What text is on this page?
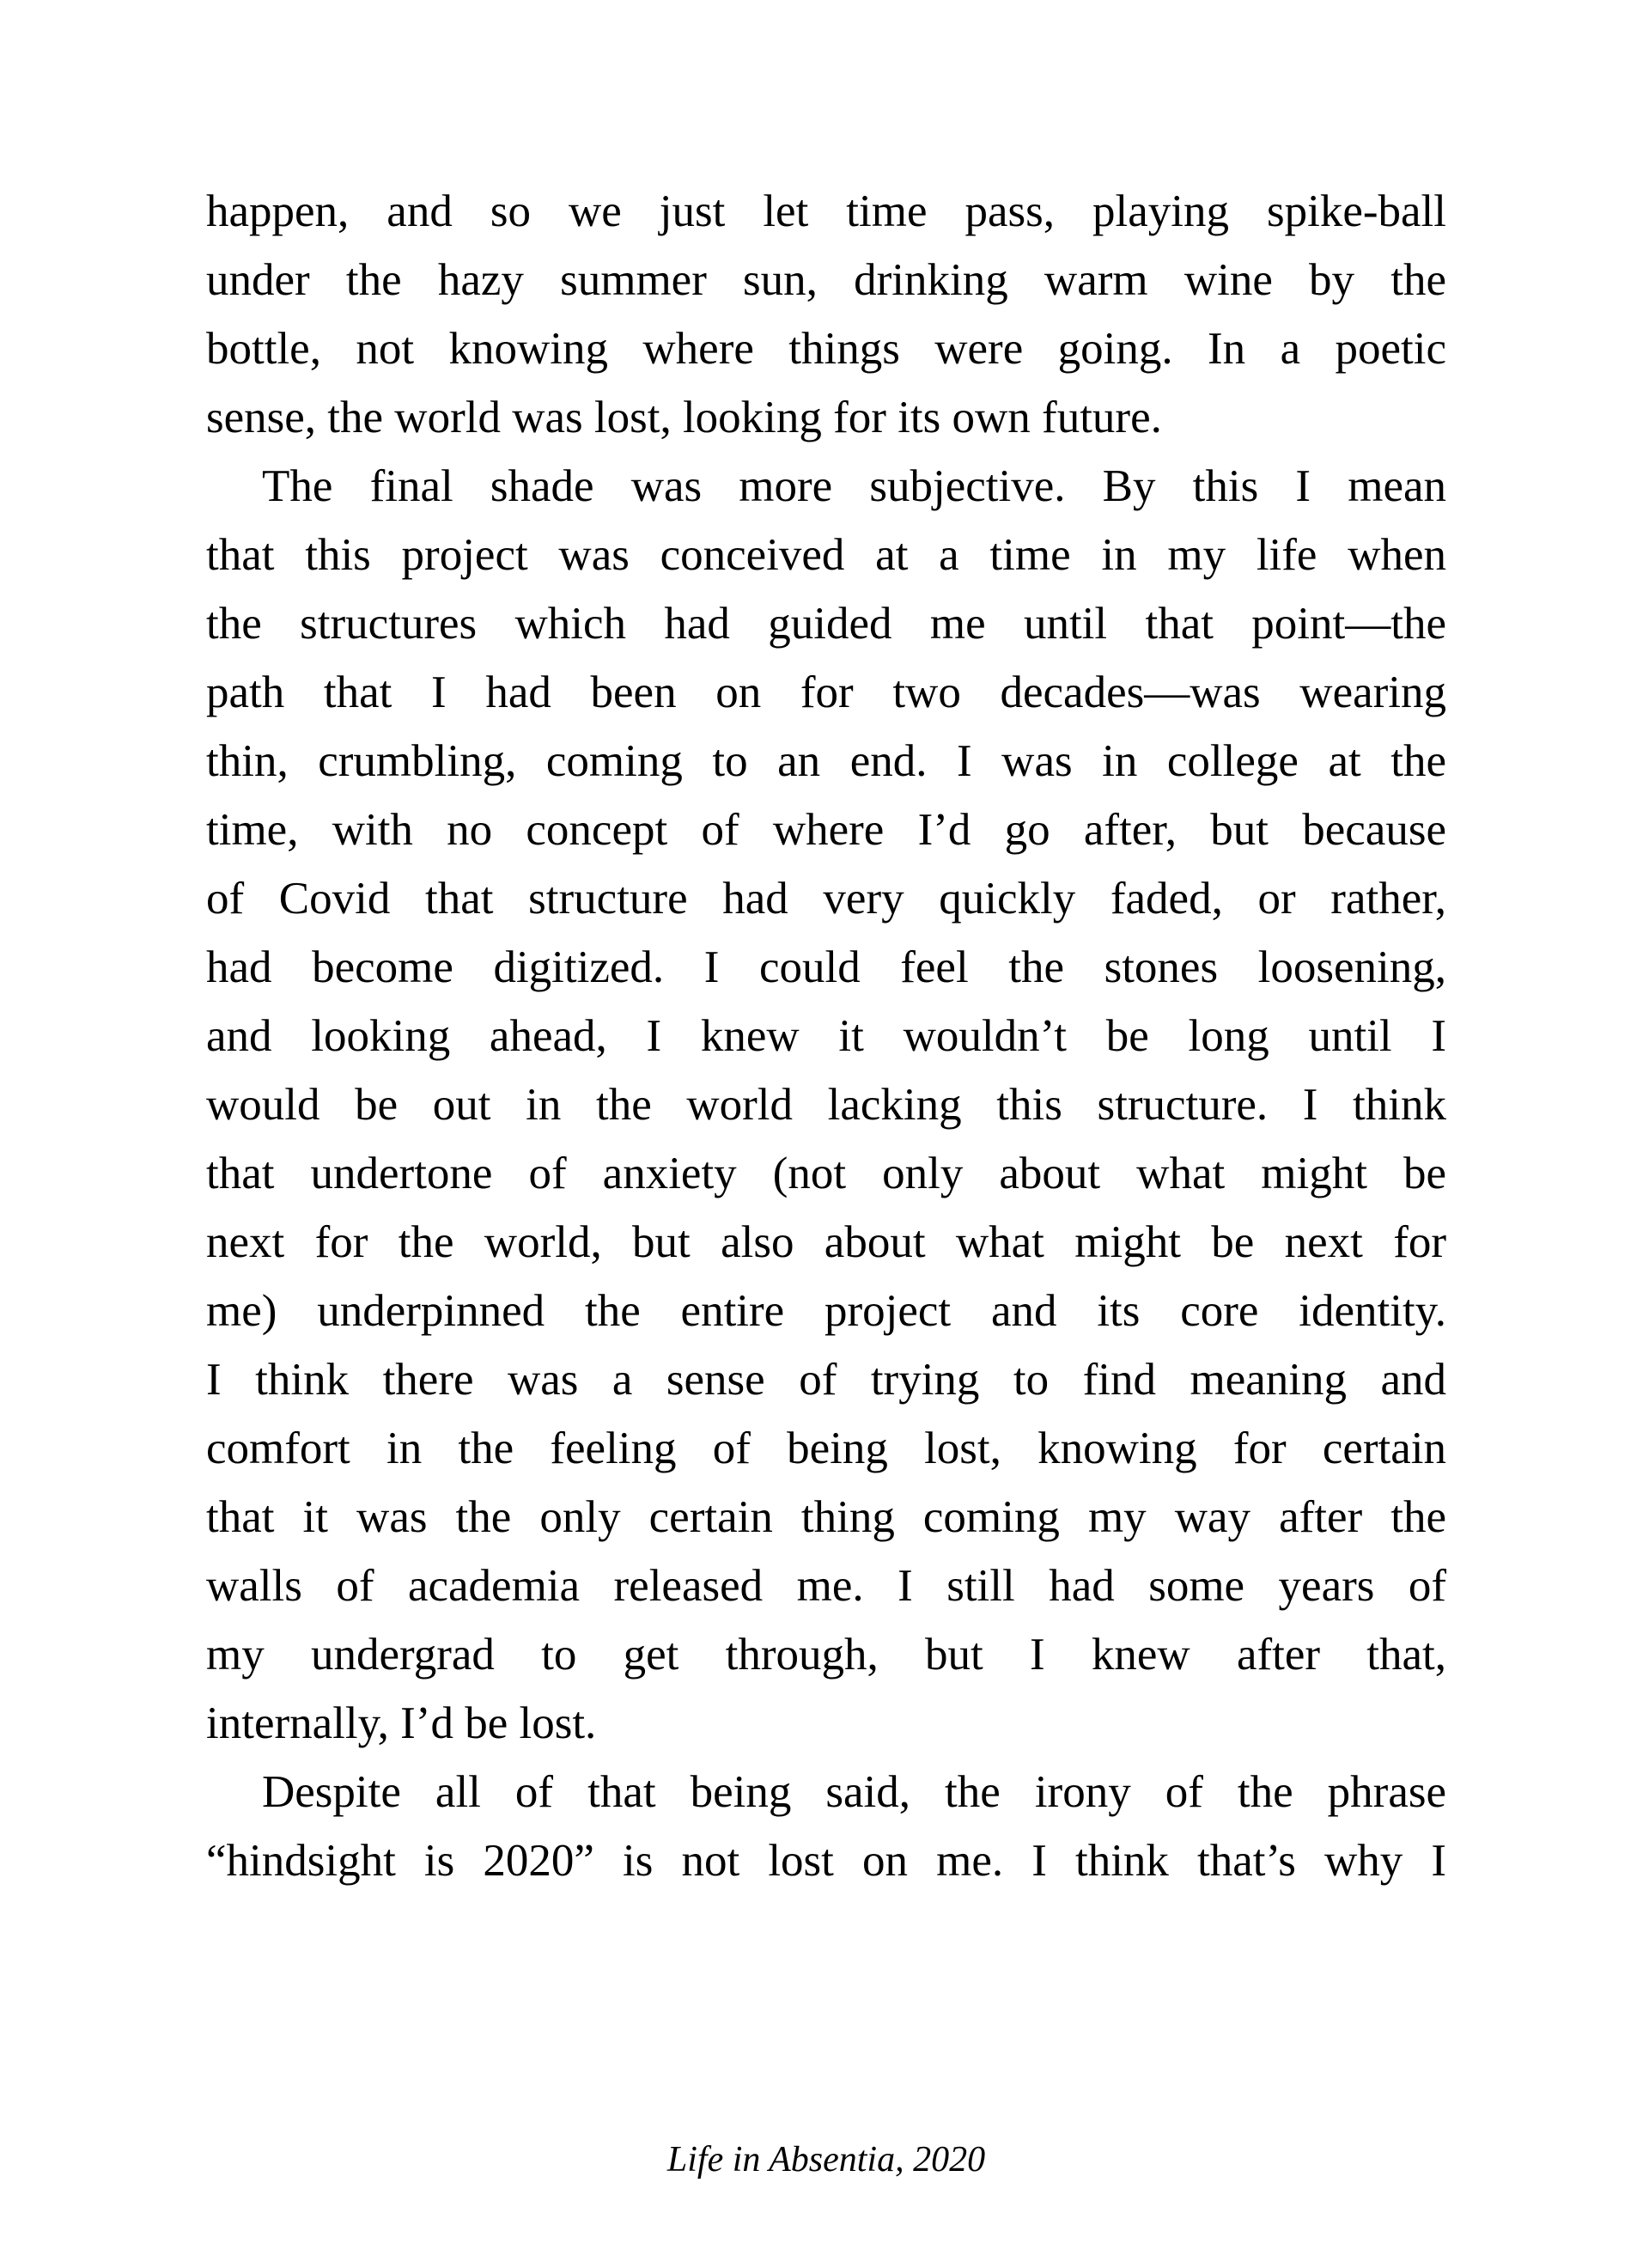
happen, and so we just let time pass, playing spike-ball
under the hazy summer sun, drinking warm wine by the
bottle, not knowing where things were going. In a poetic
sense, the world was lost, looking for its own future.
The final shade was more subjective. By this I mean
that this project was conceived at a time in my life when
the structures which had guided me until that point—the
path that I had been on for two decades—was wearing
thin, crumbling, coming to an end. I was in college at the
time, with no concept of where I’d go after, but because
of Covid that structure had very quickly faded, or rather,
had become digitized. I could feel the stones loosening,
and looking ahead, I knew it wouldn’t be long until I
would be out in the world lacking this structure. I think
that undertone of anxiety (not only about what might be
next for the world, but also about what might be next for
me) underpinned the entire project and its core identity.
I think there was a sense of trying to find meaning and
comfort in the feeling of being lost, knowing for certain
that it was the only certain thing coming my way after the
walls of academia released me. I still had some years of
my undergrad to get through, but I knew after that,
internally, I’d be lost.
Despite all of that being said, the irony of the phrase
“hindsight is 2020” is not lost on me. I think that’s why I
Life in Absentia, 2020
